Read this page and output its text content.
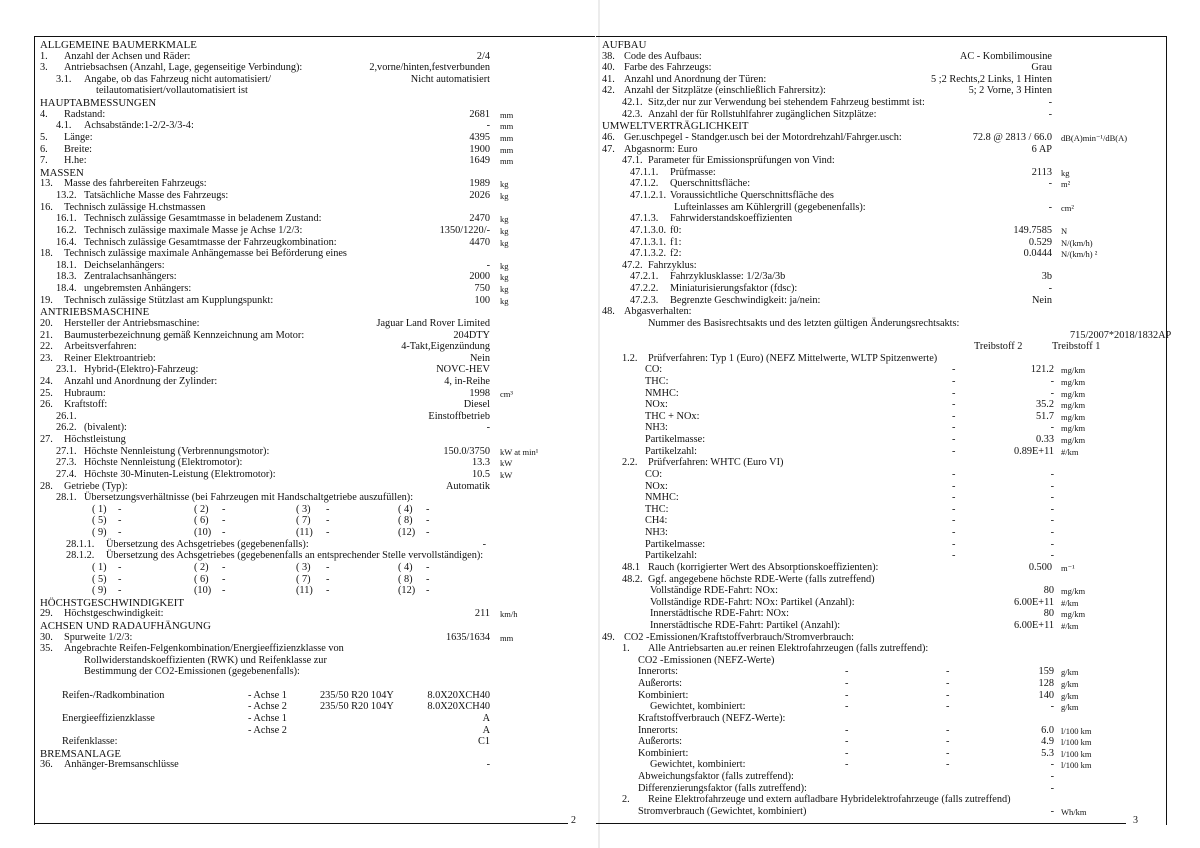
ALLGEMEINE BAUMERKMALE
1. Anzahl der Achsen und Räder:	2/4
3. Antriebsachsen (Anzahl, Lage, gegenseitige Verbindung):	2,vorne/hinten,festverbunden
3.1. Angabe, ob das Fahrzeug nicht automatisiert/	Nicht automatisiert
teilautomatisiert/vollautomatisiert ist
HAUPTABMESSUNGEN
4. Radstand:	2681 mm
4.1. Achsabstände:1-2/2-3/3-4:	- mm
5. Länge:	4395 mm
6. Breite:	1900 mm
7. H.he:	1649 mm
MASSEN
13. Masse des fahrbereiten Fahrzeugs:	1989 kg
13.2. Tatsächliche Masse des Fahrzeugs:	2026 kg
16. Technisch zulässige H.chstmassen
16.1. Technisch zulässige Gesamtmasse in beladenem Zustand:	2470 kg
16.2. Technisch zulässige maximale Masse je Achse 1/2/3:	1350/1220/- kg
16.4. Technisch zulässige Gesamtmasse der Fahrzeugkombination:	4470 kg
18. Technisch zulässige maximale Anhängemasse bei Beförderung eines
18.1. Deichselanhängers:	- kg
18.3. Zentralachsanhängers:	2000 kg
18.4. ungebremsten Anhängers:	750 kg
19. Technisch zulässige Stützlast am Kupplungspunkt:	100 kg
ANTRIEBSMASCHINE
20. Hersteller der Antriebsmaschine:	Jaguar Land Rover Limited
21. Baumusterbezeichnung gemäß Kennzeichnung am Motor:	204DTY
22. Arbeitsverfahren:	4-Takt,Eigenzündung
23. Reiner Elektroantrieb:	Nein
23.1. Hybrid-(Elektro)-Fahrzeug:	NOVC-HEV
24. Anzahl und Anordnung der Zylinder:	4, in-Reihe
25. Hubraum:	1998 cm³
26. Kraftstoff:	Diesel
26.1.	Einstoffbetrieb
26.2. (bivalent):	-
27. Höchstleistung
27.1. Höchste Nennleistung (Verbrennungsmotor):	150.0/3750 kW at min¹
27.3. Höchste Nennleistung (Elektromotor):	13.3 kW
27.4. Höchste 30-Minuten-Leistung (Elektromotor):	10.5 kW
28. Getriebe (Typ):	Automatik
28.1. Übersetzungsverhältnisse (bei Fahrzeugen mit Handschaltgetriebe auszufüllen):
( 1) -	( 2) -	( 3) -	( 4) -
( 5) -	( 6) -	( 7) -	( 8) -
( 9) -	(10) -	(11) -	(12) -
28.1.1. Übersetzung des Achsgetriebes (gegebenenfalls):	-
28.1.2. Übersetzung des Achsgetriebes (gegebenenfalls an entsprechender Stelle vervollständigen):
( 1) -	( 2) -	( 3) -	( 4) -
( 5) -	( 6) -	( 7) -	( 8) -
( 9) -	(10) -	(11) -	(12) -
HÖCHSTGESCHWINDIGKEIT
29. Höchstgeschwindigkeit:	211 km/h
ACHSEN UND RADAUFHÄNGUNG
30. Spurweite 1/2/3:	1635/1634 mm
35. Angebrachte Reifen-Felgenkombination/Energieeffizienzklasse von
Rollwiderstandskoeffizienten (RWK) und Reifenklasse zur
Bestimmung der CO2-Emissionen (gegebenenfalls):
Reifen-/Radkombination	- Achse 1	235/50 R20 104Y	8.0X20XCH40
- Achse 2	235/50 R20 104Y	8.0X20XCH40
Energieeffizienzklasse	- Achse 1	A
- Achse 2	A
Reifenklasse:	C1
BREMSANLAGE
36. Anhänger-Bremsanschlüsse	-
AUFBAU
38. Code des Aufbaus:	AC - Kombilimousine
40. Farbe des Fahrzeugs:	Grau
41. Anzahl und Anordnung der Türen:	5 ;2 Rechts,2 Links, 1 Hinten
42. Anzahl der Sitzplätze (einschließlich Fahrersitz):	5; 2 Vorne, 3 Hinten
42.1. Sitz,der nur zur Verwendung bei stehendem Fahrzeug bestimmt ist:	-
42.3. Anzahl der für Rollstuhlfahrer zugänglichen Sitzplätze:	-
UMWELTVERTRÄGLICHKEIT
46. Ger.uschpegel - Standger.usch bei der Motordrehzahl/Fahrger.usch:	72.8 @ 2813 / 66.0 dB(A)min⁻¹/dB(A)
47. Abgasnorm: Euro	6 AP
47.1. Parameter für Emissionsprüfungen von Vind:
47.1.1. Prüfmasse:	2113 kg
47.1.2. Querschnittsfläche:	- m²
47.1.2.1. Voraussichtliche Querschnittsfläche des
Lufteinlasses am Kühlergrill (gegebenenfalls):	- cm²
47.1.3. Fahrwiderstandskoeffizienten
47.1.3.0. f0:	149.7585 N
47.1.3.1. f1:	0.529 N/(km/h)
47.1.3.2. f2:	0.0444 N/(km/h) ²
47.2. Fahrzyklus:
47.2.1. Fahrzyklusklasse: 1/2/3a/3b	3b
47.2.2. Miniaturisierungsfaktor (fdsc):	-
47.2.3. Begrenzte Geschwindigkeit: ja/nein:	Nein
48. Abgasverhalten:
Nummer des Basisrechtsakts und des letzten gültigen Änderungsrechtsakts:
715/2007*2018/1832AP
Treibstoff 2	Treibstoff 1
1.2. Prüfverfahren: Typ 1 (Euro) (NEFZ Mittelwerte, WLTP Spitzenwerte)
CO:	-	121.2 mg/km
THC:	-	- mg/km
NMHC:	-	- mg/km
NOx:	-	35.2 mg/km
THC + NOx:	-	51.7 mg/km
NH3:	-	- mg/km
Partikelmasse:	-	0.33 mg/km
Partikelzahl:	-	0.89E+11 #/km
2.2. Prüfverfahren: WHTC (Euro VI)
CO:	-	-
NOx:	-	-
NMHC:	-	-
THC:	-	-
CH4:	-	-
NH3:	-	-
Partikelmasse:	-	-
Partikelzahl:	-	-
48.1 Rauch (korrigierter Wert des Absorptionskoeffizienten):	0.500 m⁻¹
48.2. Ggf. angegebene höchste RDE-Werte (falls zutreffend)
Vollständige RDE-Fahrt: NOx:	80 mg/km
Vollständige RDE-Fahrt: NOx: Partikel (Anzahl):	6.00E+11 #/km
Innerstädtische RDE-Fahrt: NOx:	80 mg/km
Innerstädtische RDE-Fahrt: Partikel (Anzahl):	6.00E+11 #/km
49. CO2 -Emissionen/Kraftstoffverbrauch/Stromverbrauch:
1. Alle Antriebsarten au.er reinen Elektrofahrzeugen (falls zutreffend):
CO2 -Emissionen (NEFZ-Werte)
Innerorts:	-	-	159 g/km
Außerorts:	-	-	128 g/km
Kombiniert:	-	-	140 g/km
Gewichtet, kombiniert:	-	-	- g/km
Kraftstoffverbrauch (NEFZ-Werte):
Innerorts:	-	-	6.0 l/100 km
Außerorts:	-	-	4.9 l/100 km
Kombiniert:	-	-	5.3 l/100 km
Gewichtet, kombiniert:	-	-	- l/100 km
Abweichungsfaktor (falls zutreffend):	-
Differenzierungsfaktor (falls zutreffend):	-
2. Reine Elektrofahrzeuge und extern aufladbare Hybridelektrofahrzeuge (falls zutreffend)
Stromverbrauch (Gewichtet, kombiniert)	- Wh/km
2	3
